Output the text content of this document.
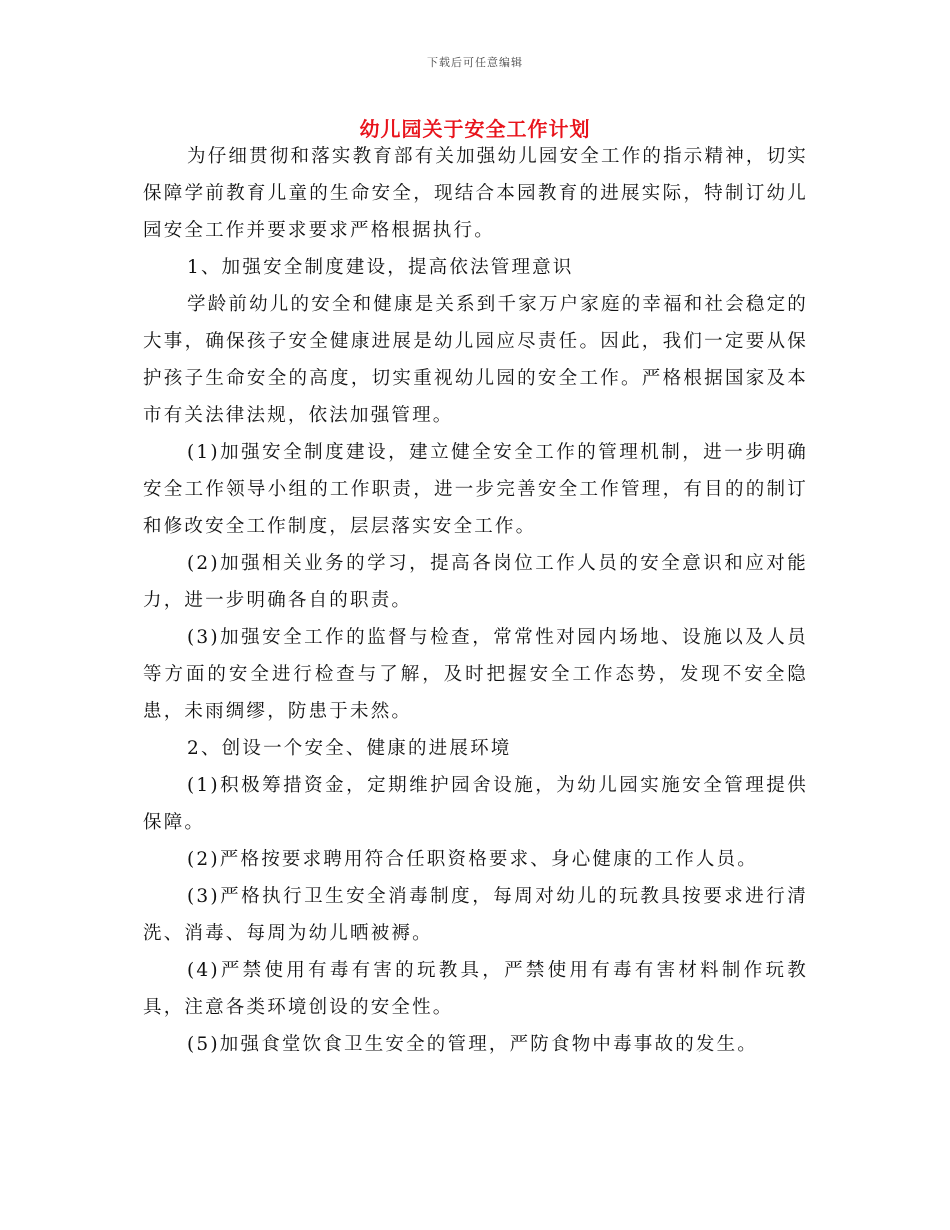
下载后可任意编辑
幼儿园关于安全工作计划

为仔细贯彻和落实教育部有关加强幼儿园安全工作的指示精神，切实保障学前教育儿童的生命安全，现结合本园教育的进展实际，特制订幼儿园安全工作并要求要求严格根据执行。

1、加强安全制度建设，提高依法管理意识

学龄前幼儿的安全和健康是关系到千家万户家庭的幸福和社会稳定的大事，确保孩子安全健康进展是幼儿园应尽责任。因此，我们一定要从保护孩子生命安全的高度，切实重视幼儿园的安全工作。严格根据国家及本市有关法律法规，依法加强管理。

(1)加强安全制度建设，建立健全安全工作的管理机制，进一步明确安全工作领导小组的工作职责，进一步完善安全工作管理，有目的的制订和修改安全工作制度，层层落实安全工作。

(2)加强相关业务的学习，提高各岗位工作人员的安全意识和应对能力，进一步明确各自的职责。

(3)加强安全工作的监督与检查，常常性对园内场地、设施以及人员等方面的安全进行检查与了解，及时把握安全工作态势，发现不安全隐患，未雨绸缪，防患于未然。

2、创设一个安全、健康的进展环境

(1)积极筹措资金，定期维护园舍设施，为幼儿园实施安全管理提供保障。

(2)严格按要求聘用符合任职资格要求、身心健康的工作人员。

(3)严格执行卫生安全消毒制度，每周对幼儿的玩教具按要求进行清洗、消毒、每周为幼儿晒被褥。

(4)严禁使用有毒有害的玩教具，严禁使用有毒有害材料制作玩教具，注意各类环境创设的安全性。

(5)加强食堂饮食卫生安全的管理，严防食物中毒事故的发生。
